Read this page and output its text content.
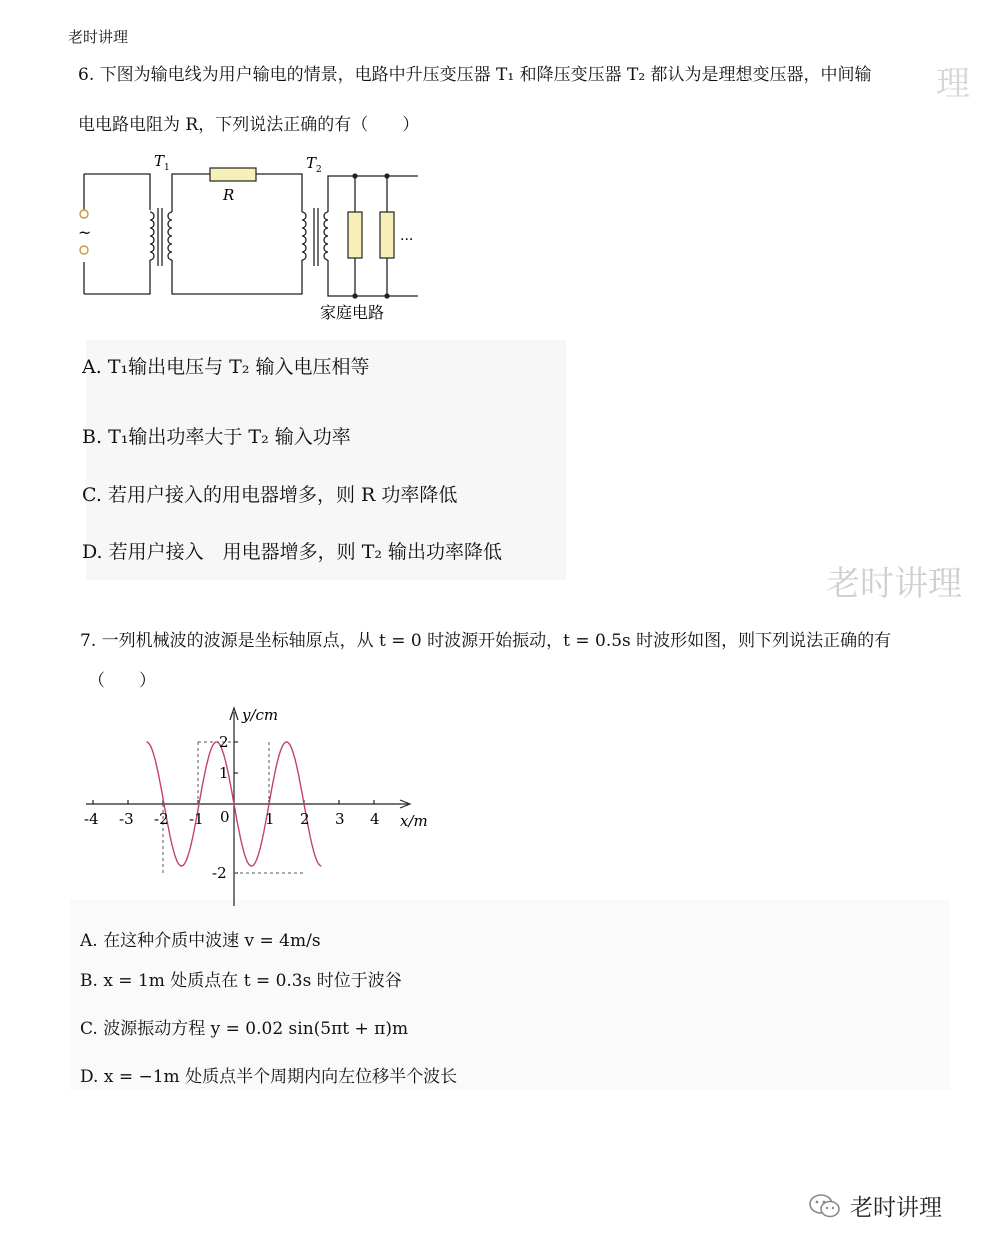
老时讲理
理
6. 下图为输电线为用户输电的情景，电路中升压变压器 T₁ 和降压变压器 T₂ 都认为是理想变压器，中间输
电电路电阻为 R，下列说法正确的有（　　）
~
R
...
T 1	T 2
家庭电路
A. T₁输出电压与 T₂ 输入电压相等
B. T₁输出功率大于 T₂ 输入功率
C. 若用户接入的用电器增多，则 R 功率降低
D. 若用户接入　用电器增多，则 T₂ 输出功率降低
老时讲理
7. 一列机械波的波源是坐标轴原点，从 t = 0 时波源开始振动，t = 0.5s 时波形如图，则下列说法正确的有
（　　）
y/cm
x/m
0
-4 -3 -2 -1	1 2 3 4
2
1
-2
A. 在这种介质中波速 v = 4m/s
B. x = 1m 处质点在 t = 0.3s 时位于波谷
C. 波源振动方程 y = 0.02 sin(5πt + π)m
D. x = −1m 处质点半个周期内向左位移半个波长
老时讲理
